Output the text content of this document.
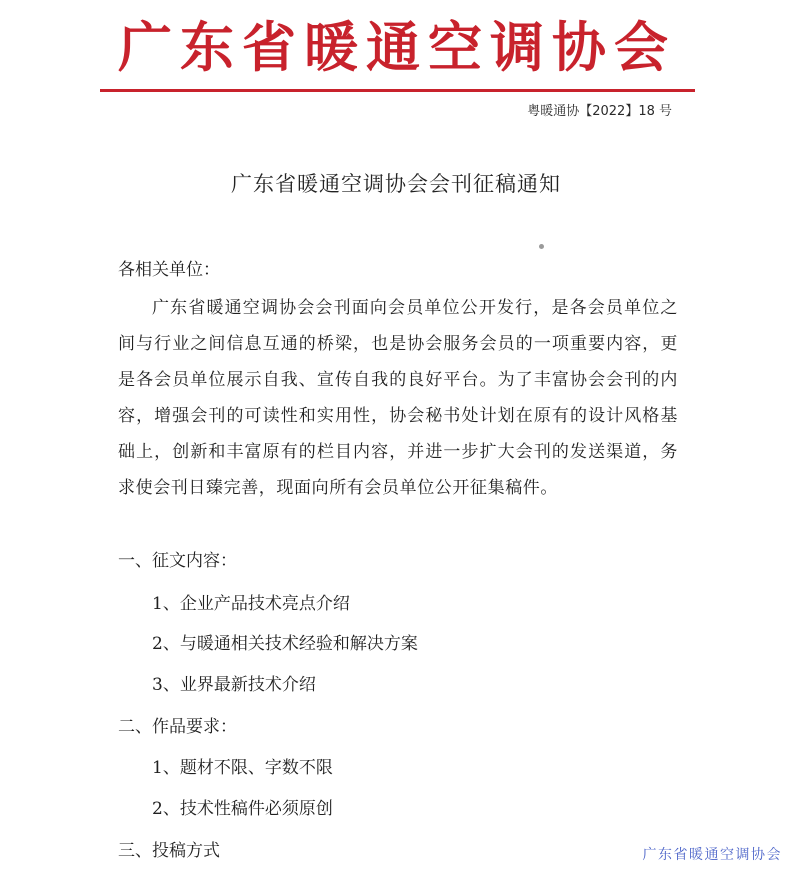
广东省暖通空调协会
粤暖通协【2022】18 号
广东省暖通空调协会会刊征稿通知
各相关单位：
广东省暖通空调协会会刊面向会员单位公开发行，是各会员单位之间与行业之间信息互通的桥梁，也是协会服务会员的一项重要内容，更是各会员单位展示自我、宣传自我的良好平台。为了丰富协会会刊的内容，增强会刊的可读性和实用性，协会秘书处计划在原有的设计风格基础上，创新和丰富原有的栏目内容，并进一步扩大会刊的发送渠道，务求使会刊日臻完善，现面向所有会员单位公开征集稿件。
一、征文内容：
1、企业产品技术亮点介绍
2、与暖通相关技术经验和解决方案
3、业界最新技术介绍
二、作品要求：
1、题材不限、字数不限
2、技术性稿件必须原创
三、投稿方式	广东省暖通空调协会
